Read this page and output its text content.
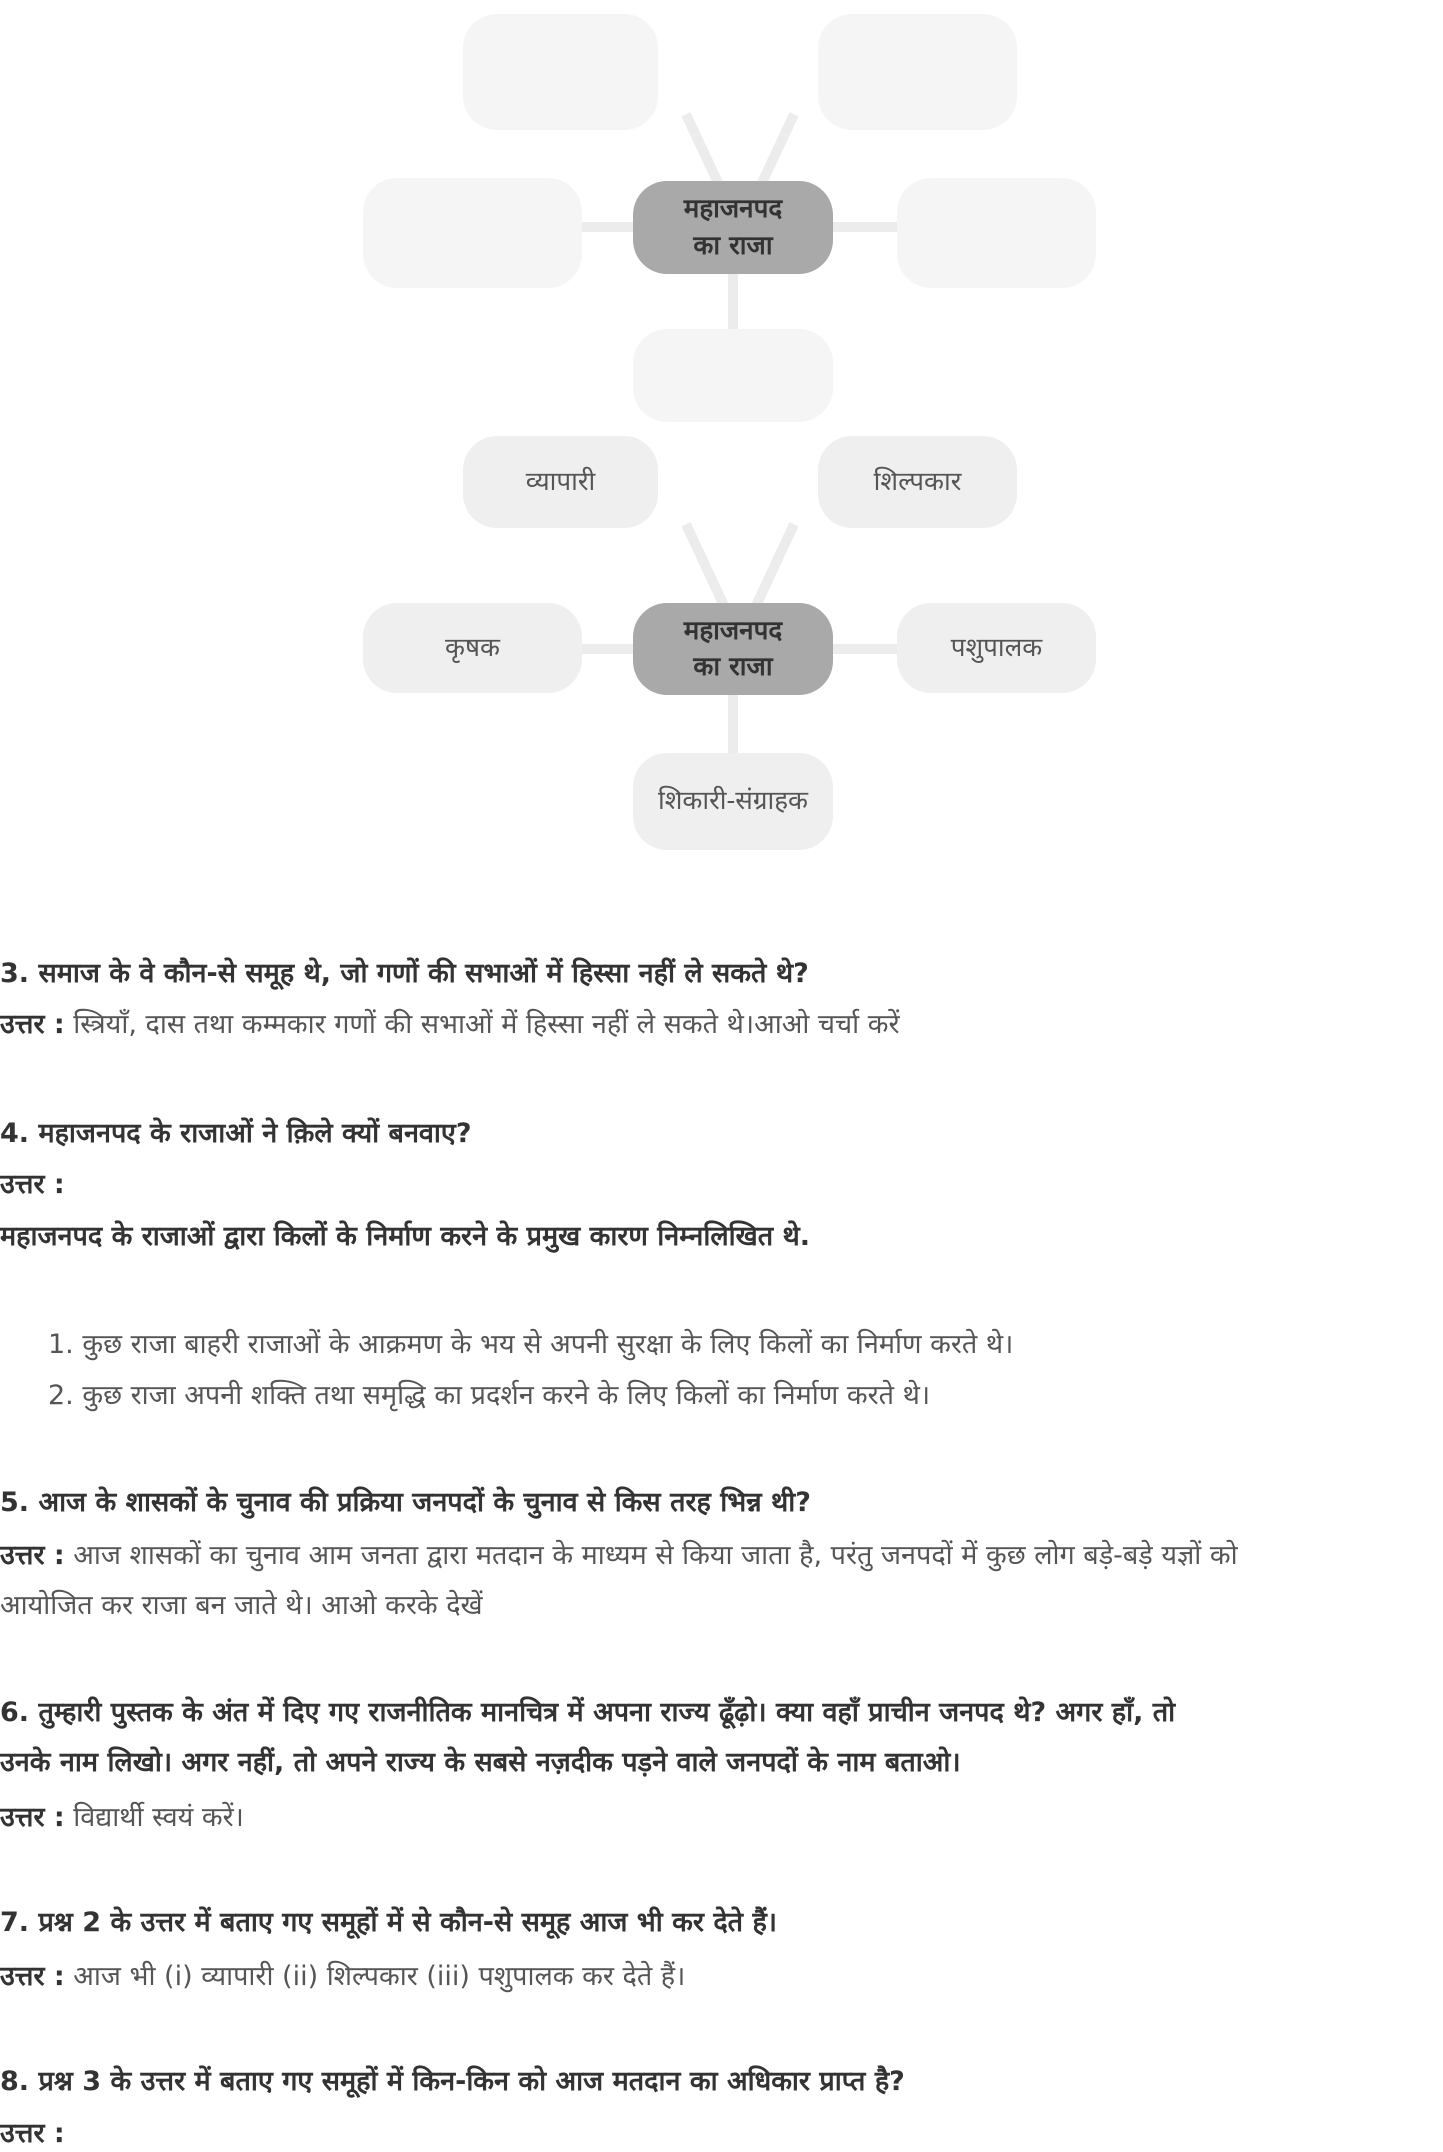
महाजनपद
का राजा
व्यापारी	शिल्पकार
कृषक	पशुपालक
शिकारी-संग्राहक
महाजनपद
का राजा
3. समाज के वे कौन-से समूह थे, जो गणों की सभाओं में हिस्सा नहीं ले सकते थे?
उत्तर : स्त्रियाँ, दास तथा कम्मकार गणों की सभाओं में हिस्सा नहीं ले सकते थे।आओ चर्चा करें
4. महाजनपद के राजाओं ने क़िले क्यों बनवाए?
उत्तर :
महाजनपद के राजाओं द्वारा किलों के निर्माण करने के प्रमुख कारण निम्नलिखित थे.
1. कुछ राजा बाहरी राजाओं के आक्रमण के भय से अपनी सुरक्षा के लिए किलों का निर्माण करते थे।
2. कुछ राजा अपनी शक्ति तथा समृद्धि का प्रदर्शन करने के लिए किलों का निर्माण करते थे।
5. आज के शासकों के चुनाव की प्रक्रिया जनपदों के चुनाव से किस तरह भिन्न थी?
उत्तर : आज शासकों का चुनाव आम जनता द्वारा मतदान के माध्यम से किया जाता है, परंतु जनपदों में कुछ लोग बड़े-बड़े यज्ञों को
आयोजित कर राजा बन जाते थे। आओ करके देखें
6. तुम्हारी पुस्तक के अंत में दिए गए राजनीतिक मानचित्र में अपना राज्य ढूँढ़ो। क्या वहाँ प्राचीन जनपद थे? अगर हाँ, तो
उनके नाम लिखो। अगर नहीं, तो अपने राज्य के सबसे नज़दीक पड़ने वाले जनपदों के नाम बताओ।
उत्तर : विद्यार्थी स्वयं करें।
7. प्रश्न 2 के उत्तर में बताए गए समूहों में से कौन-से समूह आज भी कर देते हैं।
उत्तर : आज भी (i) व्यापारी (ii) शिल्पकार (iii) पशुपालक कर देते हैं।
8. प्रश्न 3 के उत्तर में बताए गए समूहों में किन-किन को आज मतदान का अधिकार प्राप्त है?
उत्तर :
